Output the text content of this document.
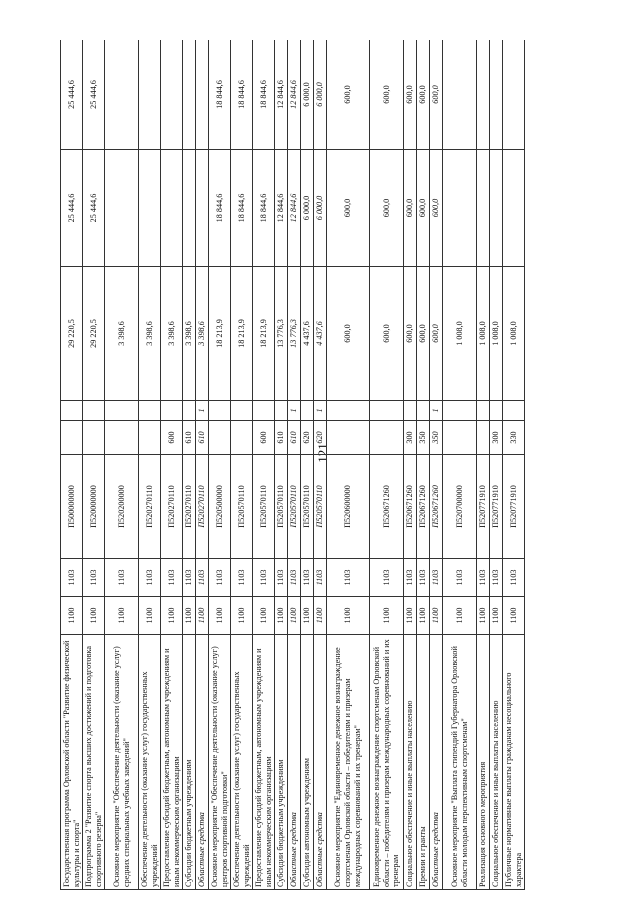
121
Государственная программа Орловской области "Развитие физической культуры и спорта"	1100	1103	П500000000			29 220,5	25 444,6	25 444,6
Подпрограмма 2 "Развитие спорта высших достижений и подготовка спортивного резерва"	1100	1103	П520000000			29 220,5	25 444,6	25 444,6
Основное мероприятие "Обеспечение деятельности (оказание услуг) средних специальных учебных заведений"	1100	1103	П520200000			3 398,6		
Обеспечение деятельности (оказание услуг) государственных учреждений	1100	1103	П520270110			3 398,6		
Предоставление субсидий бюджетным, автономным учреждениям и иным некоммерческим организациям	1100	1103	П520270110	600		3 398,6		
Субсидии бюджетным учреждениям	1100	1103	П520270110	610		3 398,6		
Областные средства	1100	1103	П520270110	610	1	3 398,6		
Основное мероприятие "Обеспечение деятельности (оказание услуг) центров спортивной подготовки"	1100	1103	П520500000			18 213,9	18 844,6	18 844,6
Обеспечение деятельности (оказание услуг) государственных учреждений	1100	1103	П520570110			18 213,9	18 844,6	18 844,6
Предоставление субсидий бюджетным, автономным учреждениям и иным некоммерческим организациям	1100	1103	П520570110	600		18 213,9	18 844,6	18 844,6
Субсидии бюджетным учреждениям	1100	1103	П520570110	610		13 776,3	12 844,6	12 844,6
Областные средства	1100	1103	П520570110	610	1	13 776,3	12 844,6	12 844,6
Субсидии автономным учреждениям	1100	1103	П520570110	620		4 437,6	6 000,0	6 000,0
Областные средства	1100	1103	П520570110	620	1	4 437,6	6 000,0	6 000,0
Основное мероприятие "Единовременное денежное вознаграждение спортсменам Орловской области – победителям и призерам международных соревнований и их тренерам"	1100	1103	П520600000			600,0	600,0	600,0
Единовременное денежное вознаграждение спортсменам Орловской области – победителям и призерам международных соревнований и их тренерам	1100	1103	П520671260			600,0	600,0	600,0
Социальное обеспечение и иные выплаты населению	1100	1103	П520671260	300		600,0	600,0	600,0
Премии и гранты	1100	1103	П520671260	350		600,0	600,0	600,0
Областные средства	1100	1103	П520671260	350	1	600,0	600,0	600,0
Основное мероприятие "Выплата стипендий Губернатора Орловской области молодым перспективным спортсменам"	1100	1103	П520700000			1 008,0		
Реализация основного мероприятия	1100	1103	П520771910			1 008,0		
Социальное обеспечение и иные выплаты населению	1100	1103	П520771910	300		1 008,0		
Публичные нормативные выплаты гражданам несоциального характера	1100	1103	П520771910	330		1 008,0		
